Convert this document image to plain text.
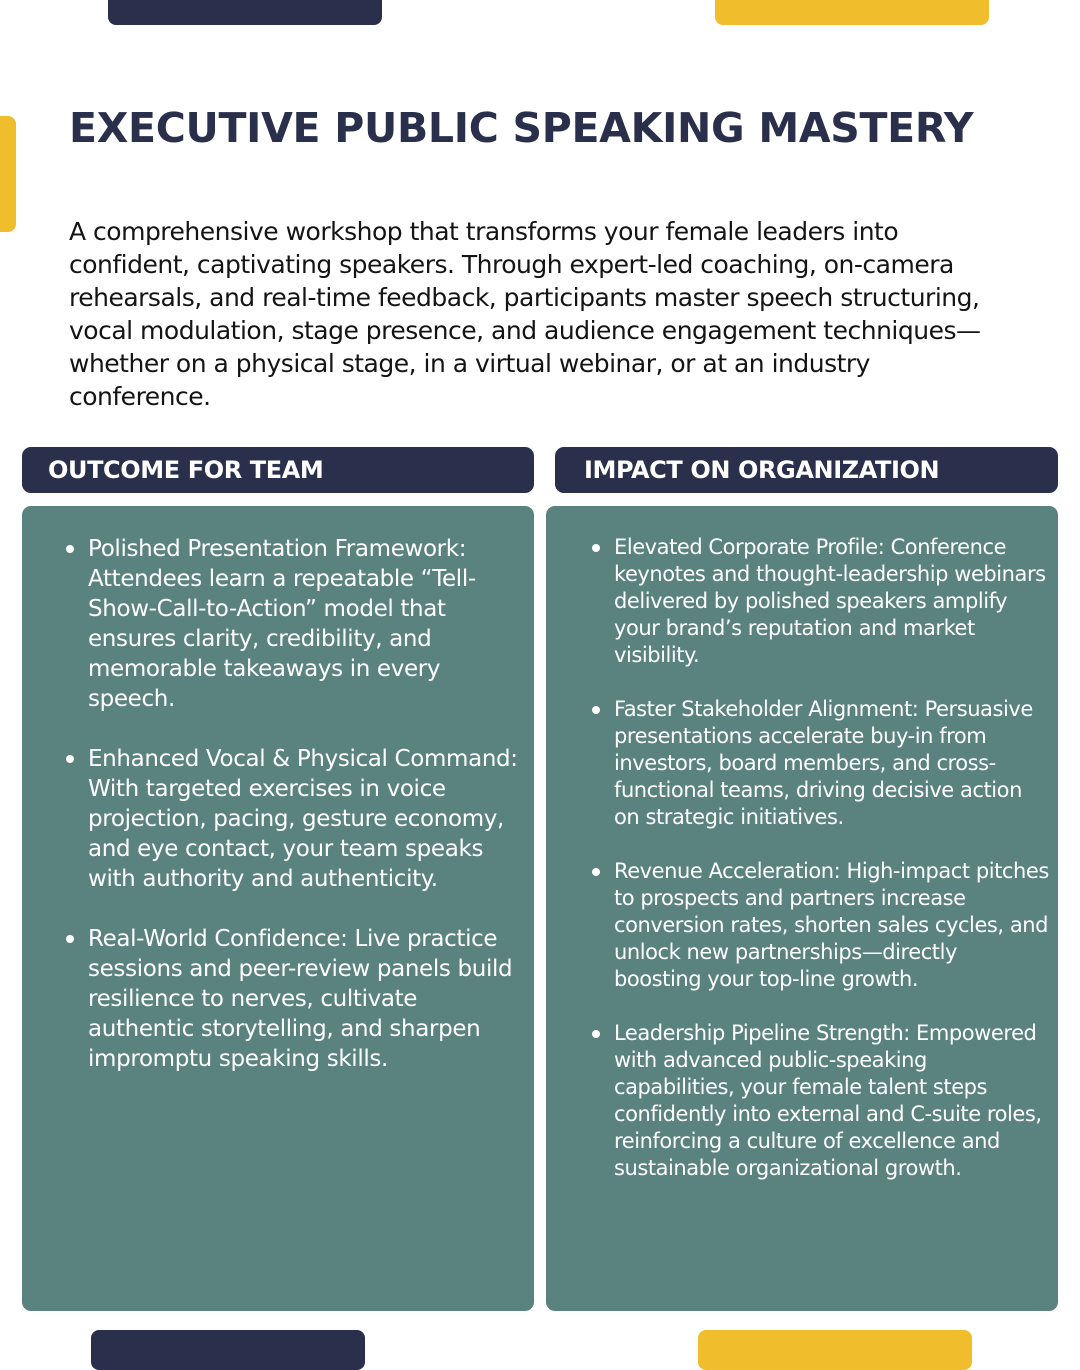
EXECUTIVE PUBLIC SPEAKING MASTERY

A comprehensive workshop that transforms your female leaders into confident, captivating speakers. Through expert-led coaching, on-camera rehearsals, and real-time feedback, participants master speech structuring, vocal modulation, stage presence, and audience engagement techniques—whether on a physical stage, in a virtual webinar, or at an industry conference.

OUTCOME FOR TEAM	IMPACT ON ORGANIZATION
Polished Presentation Framework: Attendees learn a repeatable “Tell-Show-Call-to-Action” model that ensures clarity, credibility, and memorable takeaways in every speech.
Enhanced Vocal & Physical Command: With targeted exercises in voice projection, pacing, gesture economy, and eye contact, your team speaks with authority and authenticity.
Real-World Confidence: Live practice sessions and peer-review panels build resilience to nerves, cultivate authentic storytelling, and sharpen impromptu speaking skills.
Elevated Corporate Profile: Conference keynotes and thought-leadership webinars delivered by polished speakers amplify your brand’s reputation and market visibility.
Faster Stakeholder Alignment: Persuasive presentations accelerate buy-in from investors, board members, and cross-functional teams, driving decisive action on strategic initiatives.
Revenue Acceleration: High-impact pitches to prospects and partners increase conversion rates, shorten sales cycles, and unlock new partnerships—directly boosting your top-line growth.
Leadership Pipeline Strength: Empowered with advanced public-speaking capabilities, your female talent steps confidently into external and C-suite roles, reinforcing a culture of excellence and sustainable organizational growth.
